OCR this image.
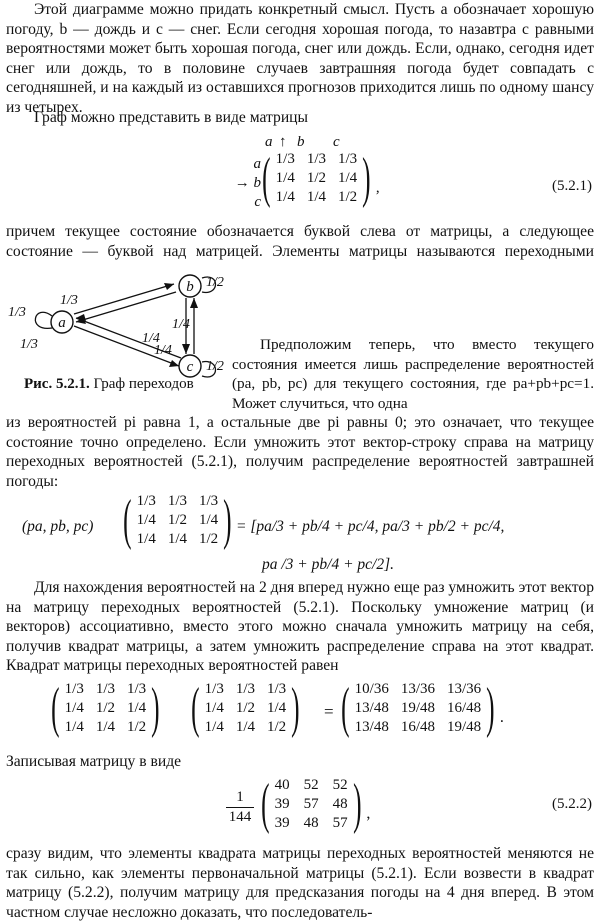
Этой диаграмме можно придать конкретный смысл. Пусть a обозначает хорошую погоду, b — дождь и c — снег. Если сегодня хорошая погода, то назавтра с равными вероятностями может быть хорошая погода, снег или дождь. Если, однако, сегодня идет снег или дождь, то в половине случаев завтрашняя погода будет совпадать с сегодняшней, и на каждый из оставшихся прогнозов приходится лишь по одному шансу из четырех.
Граф можно представить в виде матрицы
a ↑ b c
a
→ b
c ( 1/3 1/3 1/3
1/4 1/2 1/4
1/4 1/4 1/2 ) ,	(5.2.1)
причем текущее состояние обозначается буквой слева от матрицы, а следующее состояние — буквой над матрицей. Элементы матрицы называются переходными
a
b
c
1/3
1/3
1/3
1/2
1/2
1/4
1/4
1/4
Рис. 5.2.1. Граф переходов
Предположим теперь, что вместо текущего состояния имеется лишь распределение вероятностей (pa, pb, pc) для текущего состояния, где pa+pb+pc=1. Может случиться, что одна
из вероятностей pi равна 1, а остальные две pi равны 0; это означает, что текущее состояние точно определено. Если умножить этот вектор-строку справа на матрицу переходных вероятностей (5.2.1), получим распределение вероятностей завтрашней погоды:
(pa, pb, pc) ( 1/3 1/3 1/3
1/4 1/2 1/4
1/4 1/4 1/2 ) = [pa/3 + pb/4 + pc/4, pa/3 + pb/2 + pc/4,
pa /3 + pb/4 + pc/2].
Для нахождения вероятностей на 2 дня вперед нужно еще раз умножить этот вектор на матрицу переходных вероятностей (5.2.1). Поскольку умножение матриц (и векторов) ассоциативно, вместо этого можно сначала умножить матрицу на себя, получив квадрат матрицы, а затем умножить распределение справа на этот квадрат. Квадрат матрицы переходных вероятностей равен
( 1/3 1/3 1/3
1/4 1/2 1/4
1/4 1/4 1/2 ) ( 1/3 1/3 1/3
1/4 1/2 1/4
1/4 1/4 1/2 ) = ( 10/36 13/36 13/36
13/48 19/48 16/48
13/48 16/48 19/48 ) .
Записывая матрицу в виде
$\frac{1}{144}$ ( 40 52 52
39 57 48
39 48 57 ) ,
(5.2.2)
сразу видим, что элементы квадрата матрицы переходных вероятностей меняются не так сильно, как элементы первоначальной матрицы (5.2.1). Если возвести в квадрат матрицу (5.2.2), получим матрицу для предсказания погоды на 4 дня вперед. В этом частном случае несложно доказать, что последователь-
